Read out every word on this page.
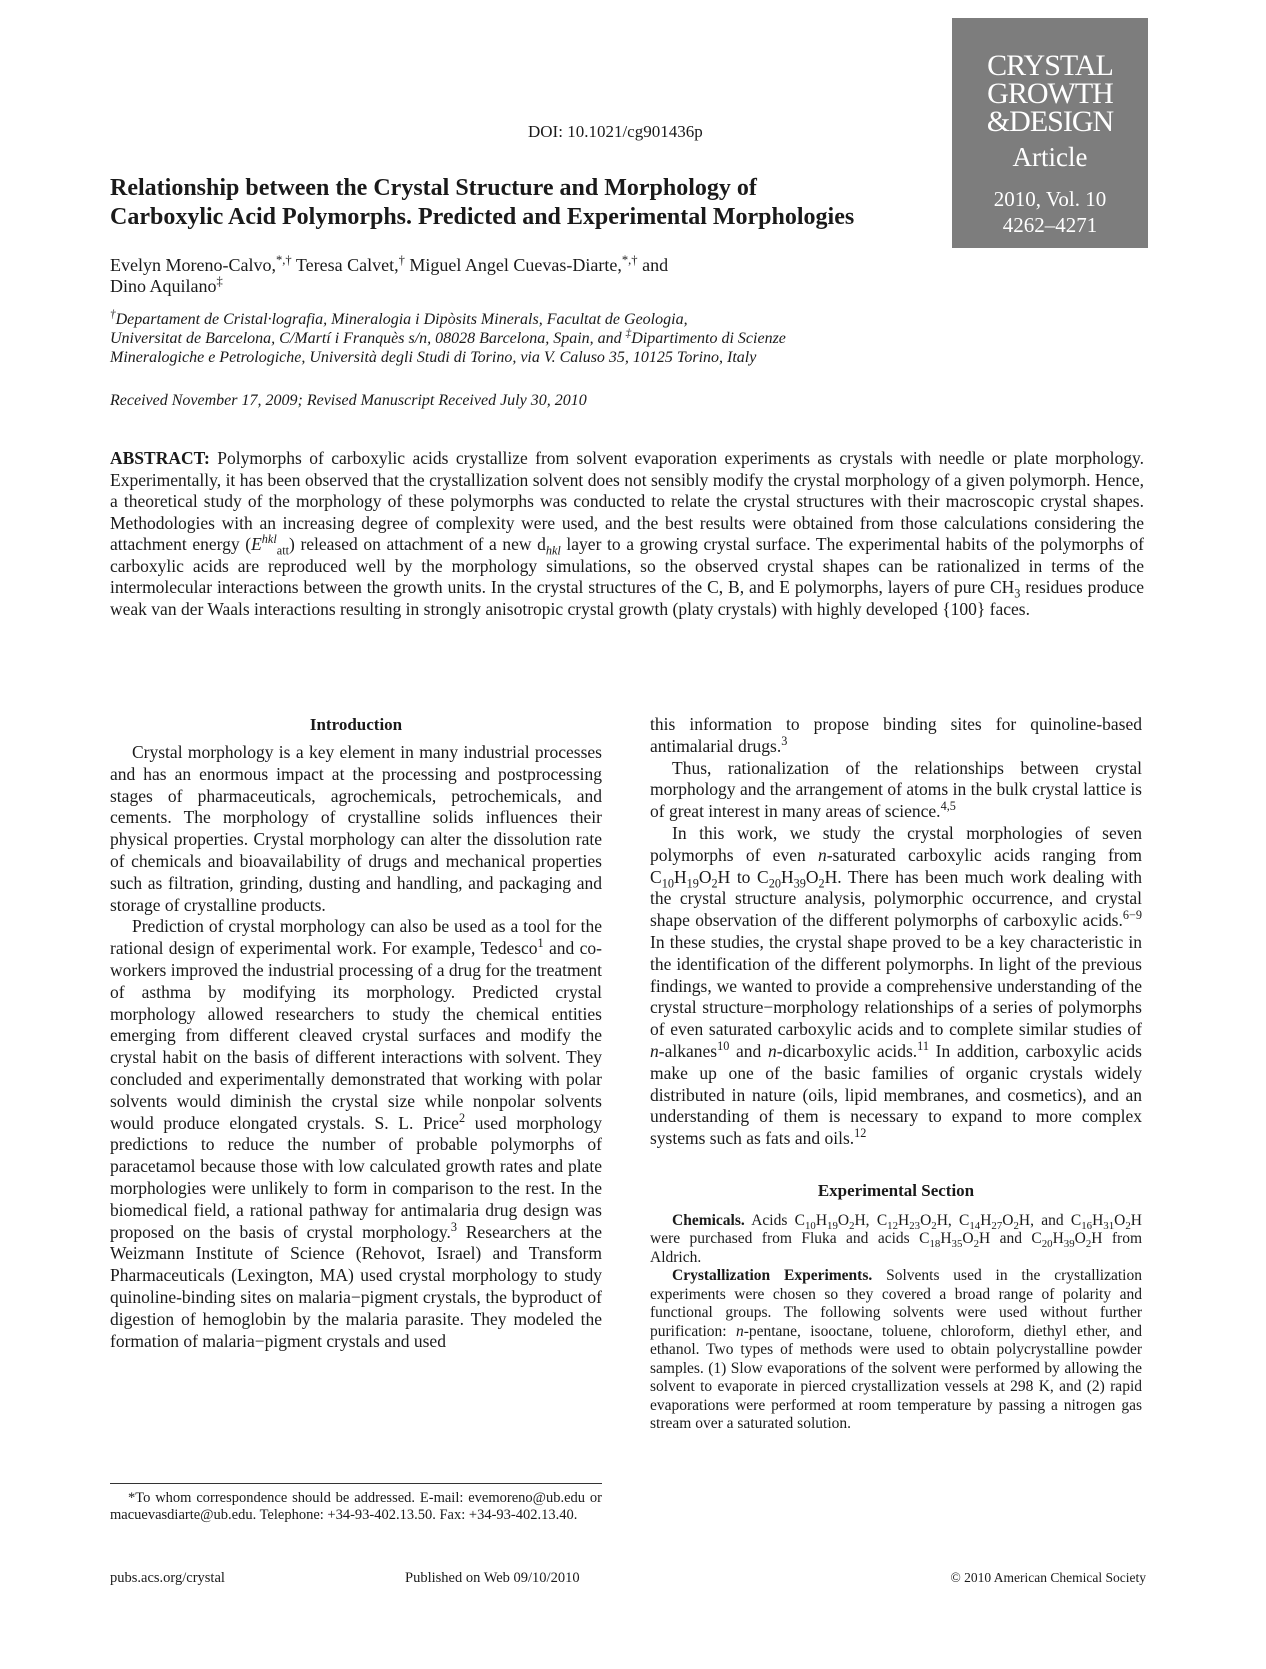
DOI: 10.1021/cg901436p
CRYSTAL
GROWTH
&DESIGN
Article
2010, Vol. 10
4262–4271
Relationship between the Crystal Structure and Morphology of
Carboxylic Acid Polymorphs. Predicted and Experimental Morphologies
Evelyn Moreno-Calvo,*,† Teresa Calvet,† Miguel Angel Cuevas-Diarte,*,† and
Dino Aquilano‡
†Departament de Cristal·lografia, Mineralogia i Dipòsits Minerals, Facultat de Geologia,
Universitat de Barcelona, C/Martí i Franquès s/n, 08028 Barcelona, Spain, and ‡Dipartimento di Scienze
Mineralogiche e Petrologiche, Università degli Studi di Torino, via V. Caluso 35, 10125 Torino, Italy
Received November 17, 2009; Revised Manuscript Received July 30, 2010
ABSTRACT: Polymorphs of carboxylic acids crystallize from solvent evaporation experiments as crystals with needle or plate morphology. Experimentally, it has been observed that the crystallization solvent does not sensibly modify the crystal morphology of a given polymorph. Hence, a theoretical study of the morphology of these polymorphs was conducted to relate the crystal structures with their macroscopic crystal shapes. Methodologies with an increasing degree of complexity were used, and the best results were obtained from those calculations considering the attachment energy $(E^{hkl}_{att})$ released on attachment of a new $d_{hkl}$ layer to a growing crystal surface. The experimental habits of the polymorphs of carboxylic acids are reproduced well by the morphology simulations, so the observed crystal shapes can be rationalized in terms of the intermolecular interactions between the growth units. In the crystal structures of the C, B, and E polymorphs, layers of pure $CH_3$ residues produce weak van der Waals interactions resulting in strongly anisotropic crystal growth (platy crystals) with highly developed {100} faces.
Introduction

Crystal morphology is a key element in many industrial processes and has an enormous impact at the processing and postprocessing stages of pharmaceuticals, agrochemicals, petrochemicals, and cements. The morphology of crystalline solids influences their physical properties. Crystal morphology can alter the dissolution rate of chemicals and bioavailability of drugs and mechanical properties such as filtration, grinding, dusting and handling, and packaging and storage of crystalline products.

Prediction of crystal morphology can also be used as a tool for the rational design of experimental work. For example, Tedesco$^1$ and co-workers improved the industrial processing of a drug for the treatment of asthma by modifying its morphology. Predicted crystal morphology allowed researchers to study the chemical entities emerging from different cleaved crystal surfaces and modify the crystal habit on the basis of different interactions with solvent. They concluded and experimentally demonstrated that working with polar solvents would diminish the crystal size while nonpolar solvents would produce elongated crystals. S. L. Price$^2$ used morphology predictions to reduce the number of probable polymorphs of paracetamol because those with low calculated growth rates and plate morphologies were unlikely to form in comparison to the rest. In the biomedical field, a rational pathway for antimalaria drug design was proposed on the basis of crystal morphology.$^3$ Researchers at the Weizmann Institute of Science (Rehovot, Israel) and Transform Pharmaceuticals (Lexington, MA) used crystal morphology to study quinoline-binding sites on malaria−pigment crystals, the byproduct of digestion of hemoglobin by the malaria parasite. They modeled the formation of malaria−pigment crystals and used

this information to propose binding sites for quinoline-based antimalarial drugs.$^3$

Thus, rationalization of the relationships between crystal morphology and the arrangement of atoms in the bulk crystal lattice is of great interest in many areas of science.$^{4,5}$

In this work, we study the crystal morphologies of seven polymorphs of even n-saturated carboxylic acids ranging from $C_{10}H_{19}O_2H$ to $C_{20}H_{39}O_2H$. There has been much work dealing with the crystal structure analysis, polymorphic occurrence, and crystal shape observation of the different polymorphs of carboxylic acids.$^{6-9}$ In these studies, the crystal shape proved to be a key characteristic in the identification of the different polymorphs. In light of the previous findings, we wanted to provide a comprehensive understanding of the crystal structure−morphology relationships of a series of polymorphs of even saturated carboxylic acids and to complete similar studies of n-alkanes$^{10}$ and n-dicarboxylic acids.$^{11}$ In addition, carboxylic acids make up one of the basic families of organic crystals widely distributed in nature (oils, lipid membranes, and cosmetics), and an understanding of them is necessary to expand to more complex systems such as fats and oils.$^{12}$

Experimental Section

Chemicals. Acids $C_{10}H_{19}O_2H$, $C_{12}H_{23}O_2H$, $C_{14}H_{27}O_2H$, and $C_{16}H_{31}O_2H$ were purchased from Fluka and acids $C_{18}H_{35}O_2H$ and $C_{20}H_{39}O_2H$ from Aldrich.

Crystallization Experiments. Solvents used in the crystallization experiments were chosen so they covered a broad range of polarity and functional groups. The following solvents were used without further purification: n-pentane, isooctane, toluene, chloroform, diethyl ether, and ethanol. Two types of methods were used to obtain polycrystalline powder samples. (1) Slow evaporations of the solvent were performed by allowing the solvent to evaporate in pierced crystallization vessels at 298 K, and (2) rapid evaporations were performed at room temperature by passing a nitrogen gas stream over a saturated solution.

*To whom correspondence should be addressed. E-mail: evemoreno@ub.edu or macuevasdiarte@ub.edu. Telephone: +34-93-402.13.50. Fax: +34-93-402.13.40.
pubs.acs.org/crystal	Published on Web 09/10/2010	© 2010 American Chemical Society
